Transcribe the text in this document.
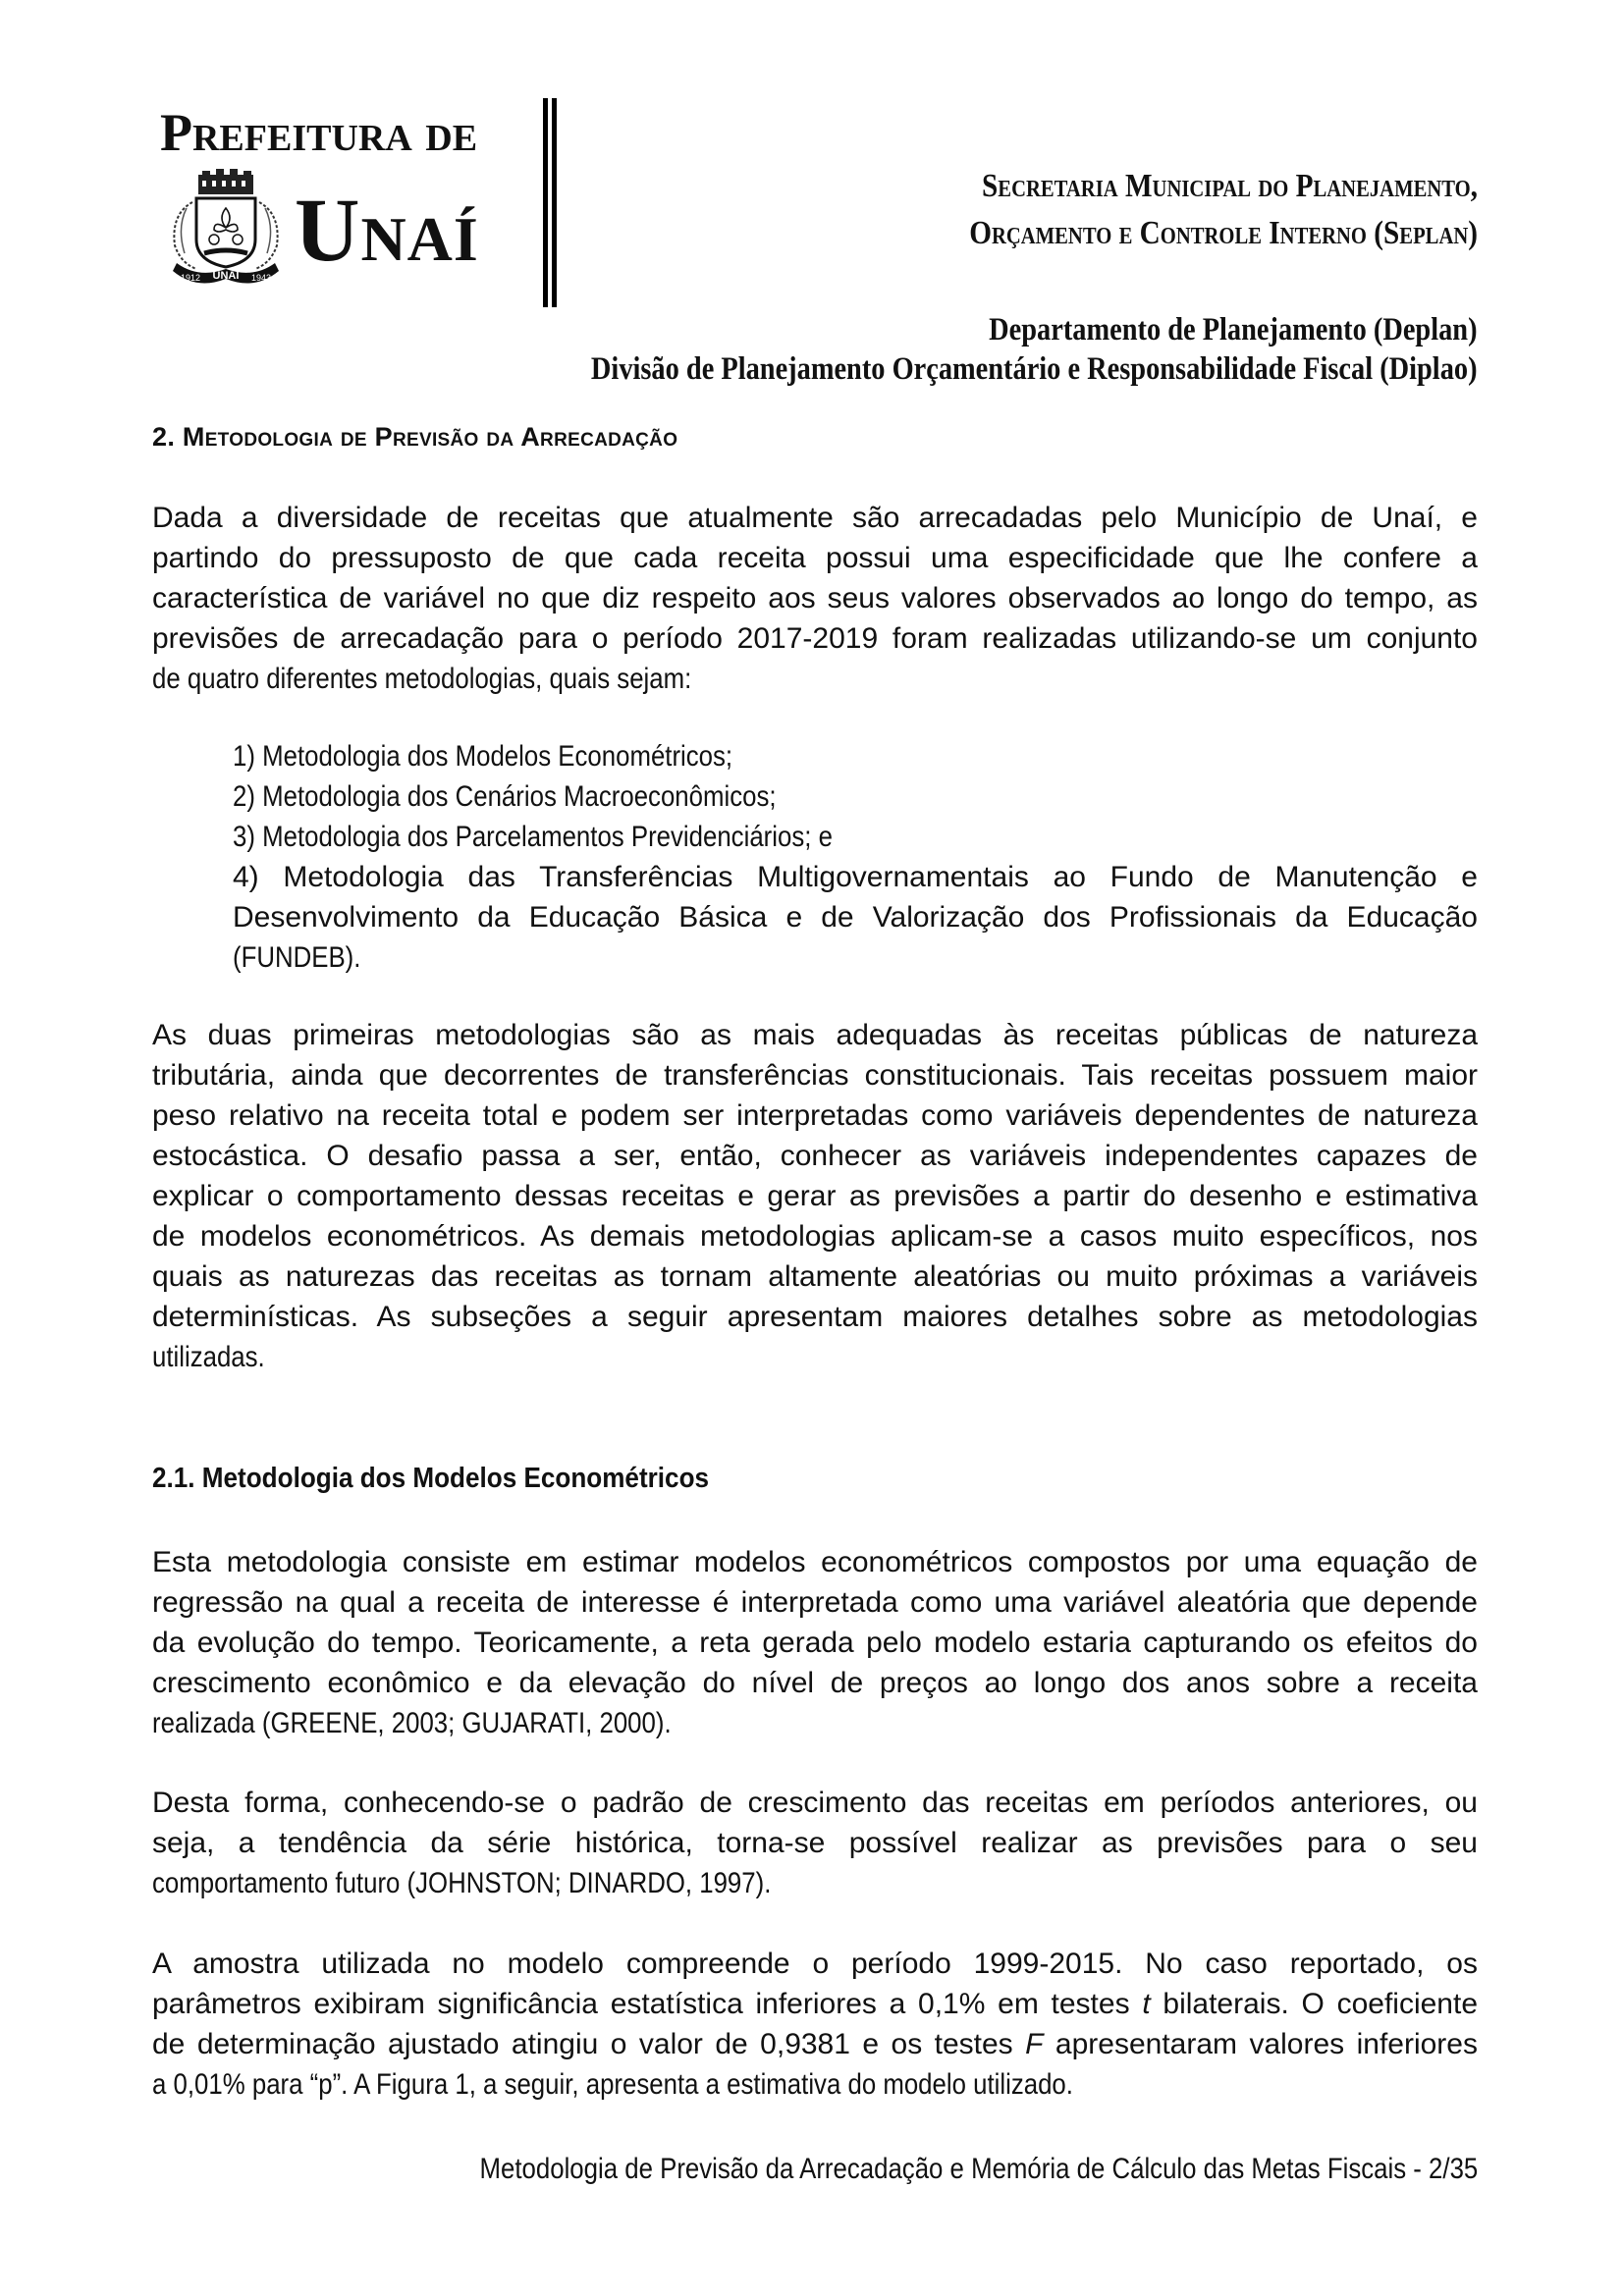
Prefeitura de
UNAÍ
1912	1943 Unaí	Secretaria Municipal do Planejamento,
Orçamento e Controle Interno (Seplan)
Departamento de Planejamento (Deplan)
Divisão de Planejamento Orçamentário e Responsabilidade Fiscal (Diplao)
2. Metodologia de Previsão da Arrecadação
Dada a diversidade de receitas que atualmente são arrecadadas pelo Município de Unaí, e
partindo do pressuposto de que cada receita possui uma especificidade que lhe confere a
característica de variável no que diz respeito aos seus valores observados ao longo do tempo, as
previsões de arrecadação para o período 2017-2019 foram realizadas utilizando-se um conjunto
de quatro diferentes metodologias, quais sejam:
1) Metodologia dos Modelos Econométricos;
2) Metodologia dos Cenários Macroeconômicos;
3) Metodologia dos Parcelamentos Previdenciários; e
4) Metodologia das Transferências Multigovernamentais ao Fundo de Manutenção e
Desenvolvimento da Educação Básica e de Valorização dos Profissionais da Educação
(FUNDEB).
As duas primeiras metodologias são as mais adequadas às receitas públicas de natureza
tributária, ainda que decorrentes de transferências constitucionais. Tais receitas possuem maior
peso relativo na receita total e podem ser interpretadas como variáveis dependentes de natureza
estocástica. O desafio passa a ser, então, conhecer as variáveis independentes capazes de
explicar o comportamento dessas receitas e gerar as previsões a partir do desenho e estimativa
de modelos econométricos. As demais metodologias aplicam-se a casos muito específicos, nos
quais as naturezas das receitas as tornam altamente aleatórias ou muito próximas a variáveis
determinísticas. As subseções a seguir apresentam maiores detalhes sobre as metodologias
utilizadas.
2.1. Metodologia dos Modelos Econométricos
Esta metodologia consiste em estimar modelos econométricos compostos por uma equação de
regressão na qual a receita de interesse é interpretada como uma variável aleatória que depende
da evolução do tempo. Teoricamente, a reta gerada pelo modelo estaria capturando os efeitos do
crescimento econômico e da elevação do nível de preços ao longo dos anos sobre a receita
realizada (GREENE, 2003; GUJARATI, 2000).
Desta forma, conhecendo-se o padrão de crescimento das receitas em períodos anteriores, ou
seja, a tendência da série histórica, torna-se possível realizar as previsões para o seu
comportamento futuro (JOHNSTON; DINARDO, 1997).
A amostra utilizada no modelo compreende o período 1999-2015. No caso reportado, os
parâmetros exibiram significância estatística inferiores a 0,1% em testes t bilaterais. O coeficiente
de determinação ajustado atingiu o valor de 0,9381 e os testes F apresentaram valores inferiores
a 0,01% para “p”. A Figura 1, a seguir, apresenta a estimativa do modelo utilizado.
Metodologia de Previsão da Arrecadação e Memória de Cálculo das Metas Fiscais - 2/35
